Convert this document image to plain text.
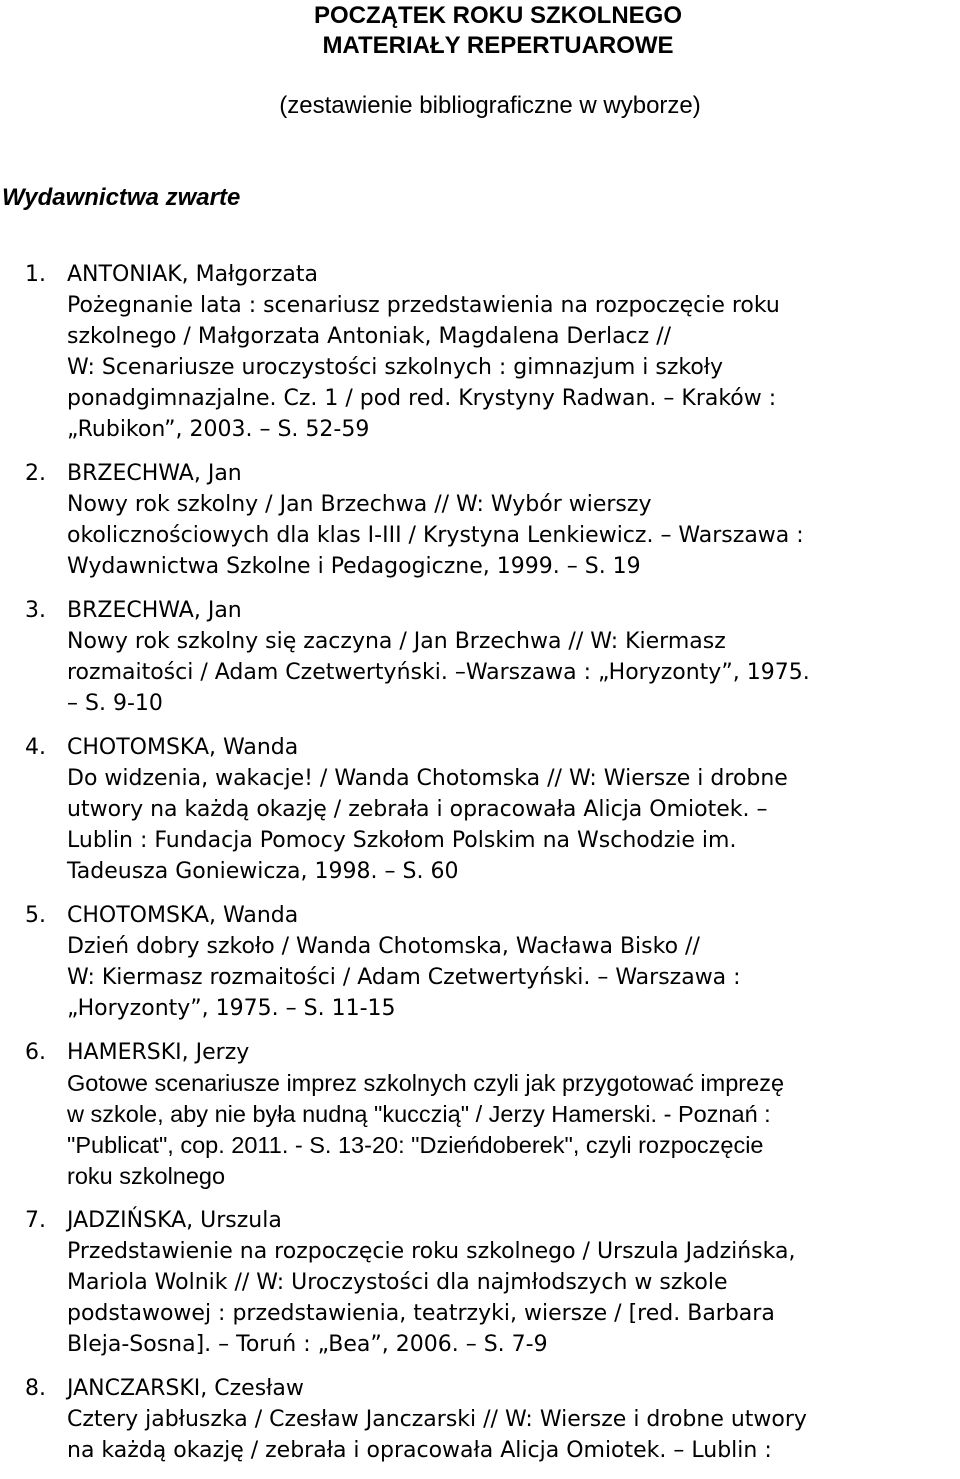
POCZĄTEK ROKU SZKOLNEGO
MATERIAŁY REPERTUAROWE
(zestawienie bibliograficzne w wyborze)
Wydawnictwa zwarte
1. ANTONIAK, Małgorzata
Pożegnanie lata : scenariusz przedstawienia na rozpoczęcie roku
szkolnego / Małgorzata Antoniak, Magdalena Derlacz //
W: Scenariusze uroczystości szkolnych : gimnazjum i szkoły
ponadgimnazjalne. Cz. 1 / pod red. Krystyny Radwan. – Kraków :
„Rubikon”, 2003. – S. 52-59
2. BRZECHWA, Jan
Nowy rok szkolny / Jan Brzechwa // W: Wybór wierszy
okolicznościowych dla klas I-III / Krystyna Lenkiewicz. – Warszawa :
Wydawnictwa Szkolne i Pedagogiczne, 1999. – S. 19
3. BRZECHWA, Jan
Nowy rok szkolny się zaczyna / Jan Brzechwa // W: Kiermasz
rozmaitości / Adam Czetwertyński. –Warszawa : „Horyzonty”, 1975.
– S. 9-10
4. CHOTOMSKA, Wanda
Do widzenia, wakacje! / Wanda Chotomska // W: Wiersze i drobne
utwory na każdą okazję / zebrała i opracowała Alicja Omiotek. –
Lublin : Fundacja Pomocy Szkołom Polskim na Wschodzie im.
Tadeusza Goniewicza, 1998. – S. 60
5. CHOTOMSKA, Wanda
Dzień dobry szkoło / Wanda Chotomska, Wacława Bisko //
W: Kiermasz rozmaitości / Adam Czetwertyński. – Warszawa :
„Horyzonty”, 1975. – S. 11-15
6. HAMERSKI, Jerzy
Gotowe scenariusze imprez szkolnych czyli jak przygotować imprezę
w szkole, aby nie była nudną "kucczią" / Jerzy Hamerski. - Poznań :
"Publicat", cop. 2011. - S. 13-20: "Dzieńdoberek", czyli rozpoczęcie
roku szkolnego
7. JADZIŃSKA, Urszula
Przedstawienie na rozpoczęcie roku szkolnego / Urszula Jadzińska,
Mariola Wolnik // W: Uroczystości dla najmłodszych w szkole
podstawowej : przedstawienia, teatrzyki, wiersze / [red. Barbara
Bleja-Sosna]. – Toruń : „Bea”, 2006. – S. 7-9
8. JANCZARSKI, Czesław
Cztery jabłuszka / Czesław Janczarski // W: Wiersze i drobne utwory
na każdą okazję / zebrała i opracowała Alicja Omiotek. – Lublin :
